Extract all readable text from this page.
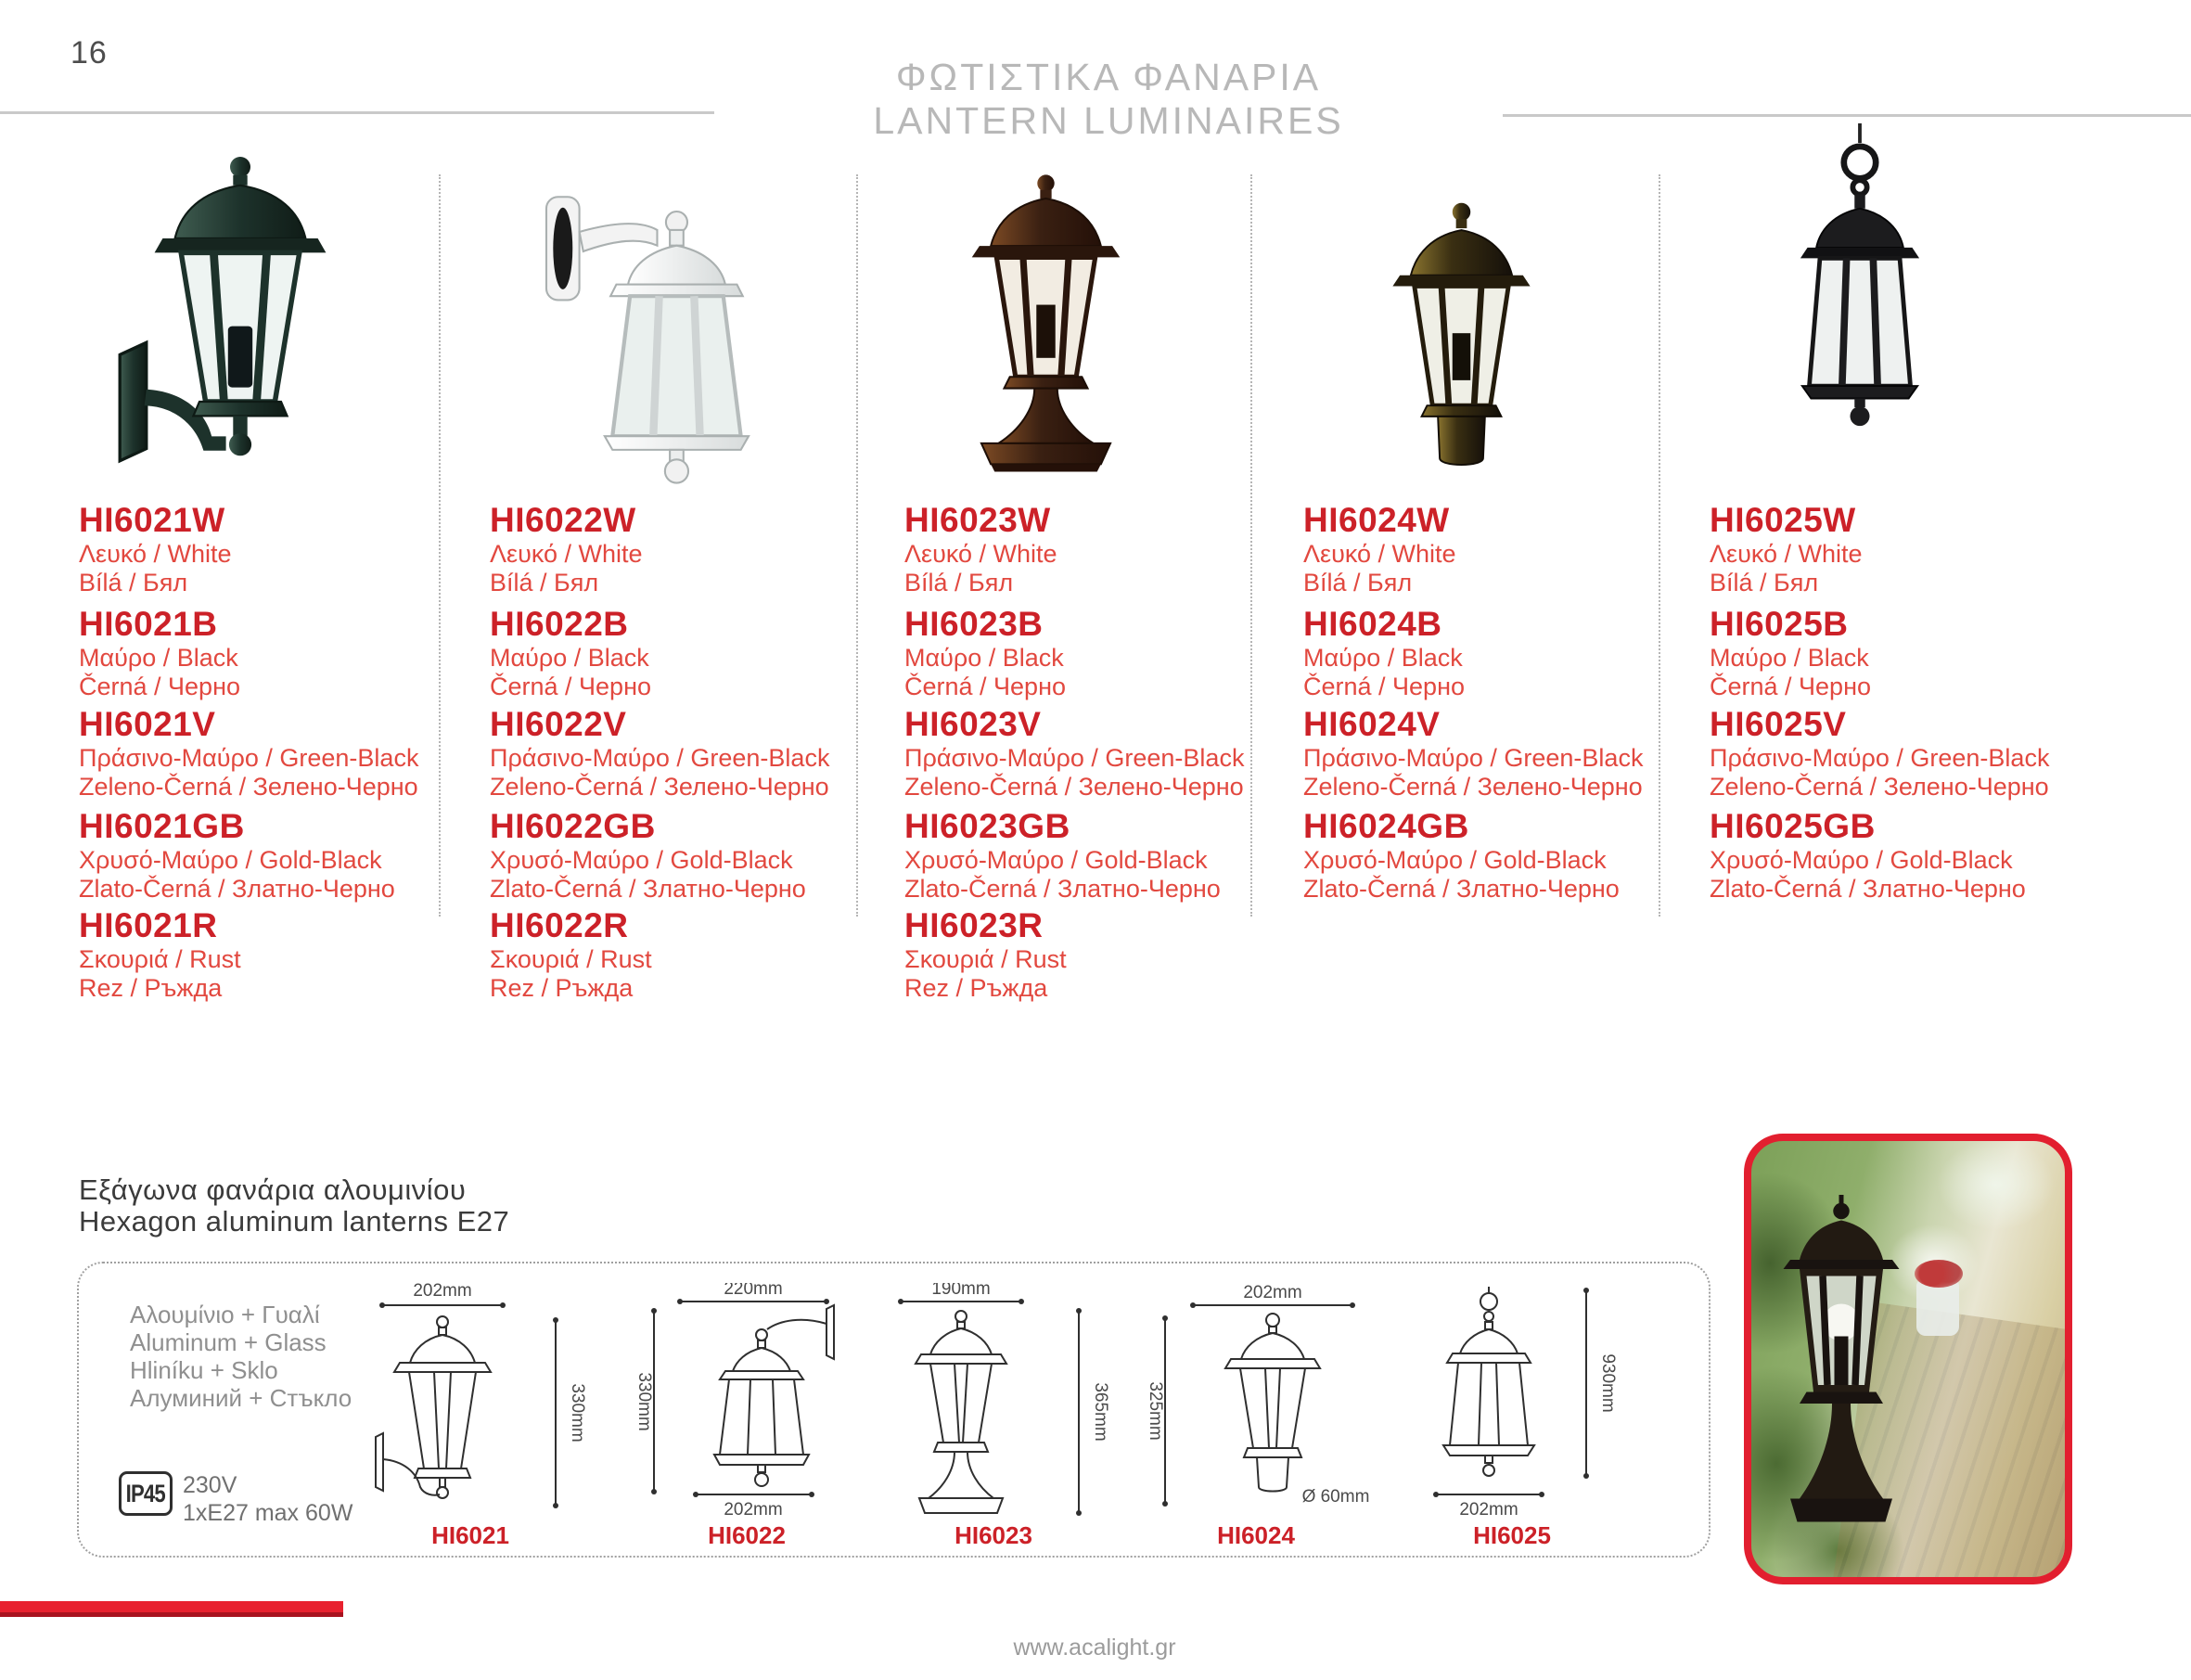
16
ΦΩΤΙΣΤΙΚΑ ΦΑΝΑΡΙΑ
LANTERN LUMINAIRES
HI6021W
Λευκό / White
Bílá / Бял
HI6021B
Μαύρο / Black
Černá / Черно
HI6021V
Πράσινο-Μαύρο / Green-Black
Zeleno-Černá / Зелено-Черно
HI6021GB
Χρυσό-Μαύρο / Gold-Black
Zlato-Černá / Златно-Черно
HI6021R
Σκουριά / Rust
Rez / Ръжда
HI6022W
Λευκό / White
Bílá / Бял
HI6022B
Μαύρο / Black
Černá / Черно
HI6022V
Πράσινο-Μαύρο / Green-Black
Zeleno-Černá / Зелено-Черно
HI6022GB
Χρυσό-Μαύρο / Gold-Black
Zlato-Černá / Златно-Черно
HI6022R
Σκουριά / Rust
Rez / Ръжда
HI6023W
Λευκό / White
Bílá / Бял
HI6023B
Μαύρο / Black
Černá / Черно
HI6023V
Πράσινο-Μαύρο / Green-Black
Zeleno-Černá / Зелено-Черно
HI6023GB
Χρυσό-Μαύρο / Gold-Black
Zlato-Černá / Златно-Черно
HI6023R
Σκουριά / Rust
Rez / Ръжда
HI6024W
Λευκό / White
Bílá / Бял
HI6024B
Μαύρο / Black
Černá / Черно
HI6024V
Πράσινο-Μαύρο / Green-Black
Zeleno-Černá / Зелено-Черно
HI6024GB
Χρυσό-Μαύρο / Gold-Black
Zlato-Černá / Златно-Черно
HI6025W
Λευκό / White
Bílá / Бял
HI6025B
Μαύρο / Black
Černá / Черно
HI6025V
Πράσινο-Μαύρο / Green-Black
Zeleno-Černá / Зелено-Черно
HI6025GB
Χρυσό-Μαύρο / Gold-Black
Zlato-Černá / Златно-Черно
Εξάγωνα φανάρια αλουμινίου
Hexagon aluminum lanterns E27
Αλουμίνιο + Γυαλί
Aluminum + Glass
Hliníku + Sklo
Алуминий + Стъкло
IP45 230V
1xE27 max 60W
202mm
330mm
220mm
330mm
202mm
190mm
365mm
202mm
325mm
Ø 60mm
930mm
202mm
HI6021	HI6022	HI6023	HI6024	HI6025
www.acalight.gr
